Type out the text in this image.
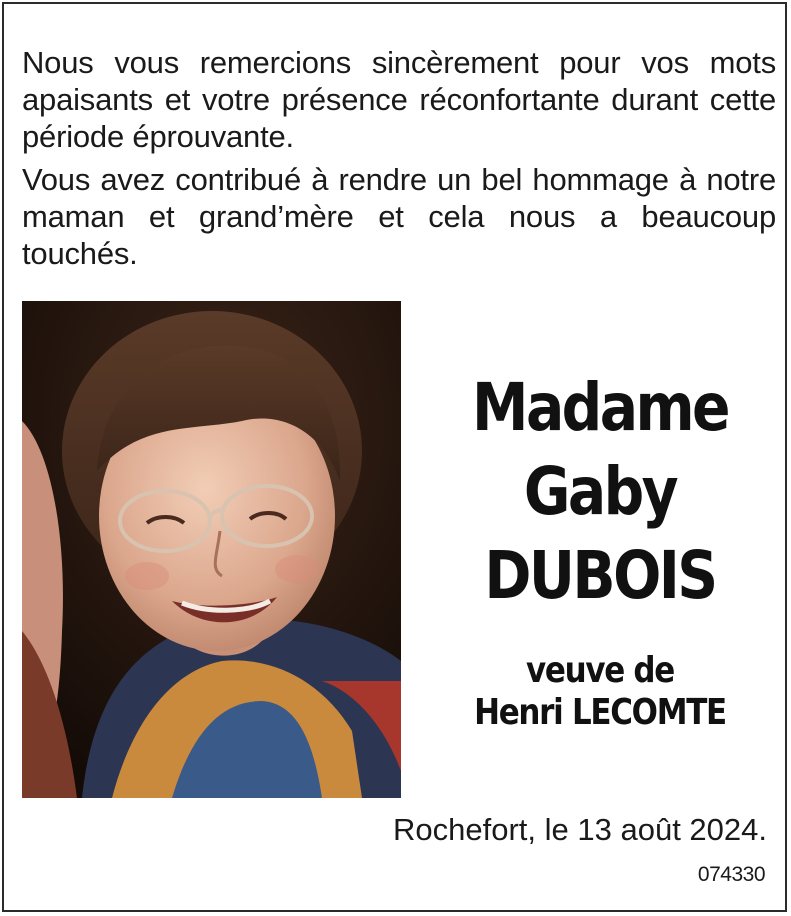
Nous vous remercions sincèrement pour vos mots apaisants et votre présence réconfortante durant cette période éprouvante.

Vous avez contribué à rendre un bel hommage à notre maman et grand’mère et cela nous a beaucoup touchés.

Madame
Gaby
DUBOIS
veuve de
Henri LECOMTE
Rochefort, le 13 août 2024.
074330
